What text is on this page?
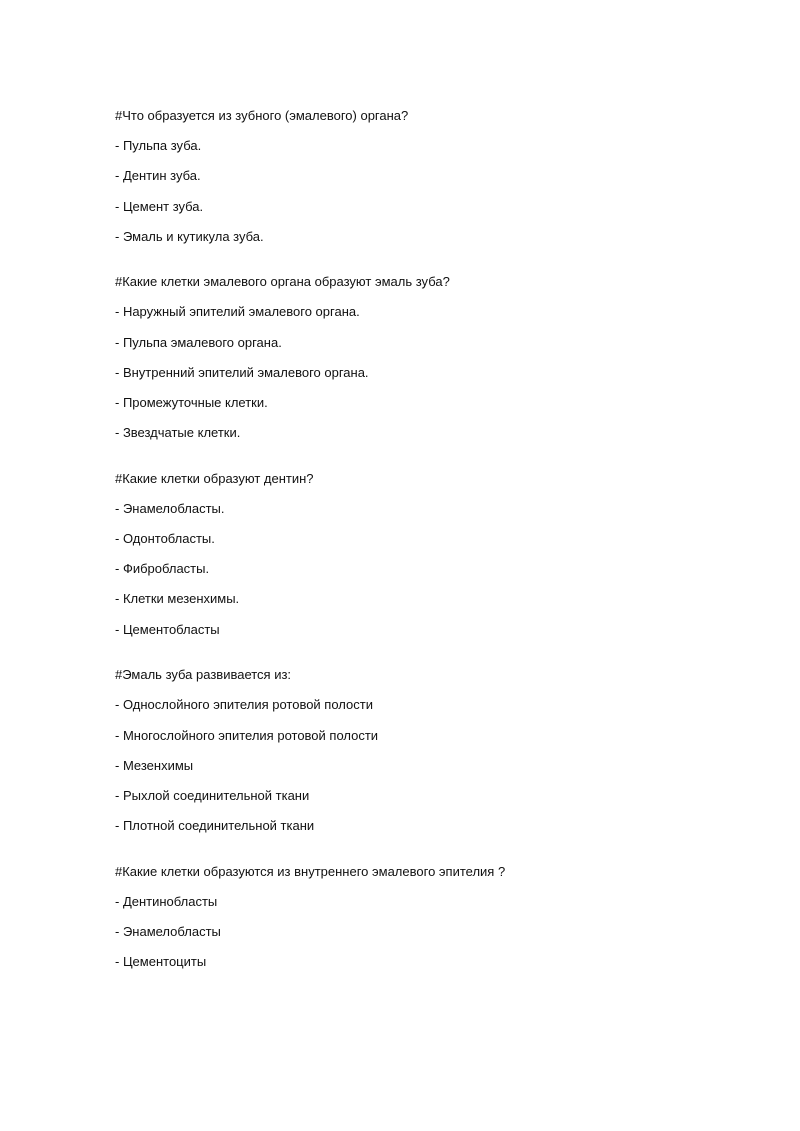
#Что образуется из зубного (эмалевого) органа?
- Пульпа зуба.
- Дентин зуба.
- Цемент зуба.
- Эмаль и кутикула зуба.
#Какие клетки эмалевого органа образуют эмаль зуба?
- Наружный эпителий эмалевого органа.
- Пульпа эмалевого органа.
- Внутренний эпителий эмалевого органа.
- Промежуточные клетки.
- Звездчатые клетки.
#Какие клетки образуют дентин?
- Энамелобласты.
- Одонтобласты.
- Фибробласты.
- Клетки мезенхимы.
- Цементобласты
#Эмаль зуба развивается из:
- Однослойного эпителия ротовой полости
- Многослойного эпителия ротовой полости
- Мезенхимы
- Рыхлой соединительной ткани
- Плотной соединительной ткани
#Какие клетки образуются из внутреннего эмалевого эпителия ?
- Дентинобласты
- Энамелобласты
- Цементоциты
